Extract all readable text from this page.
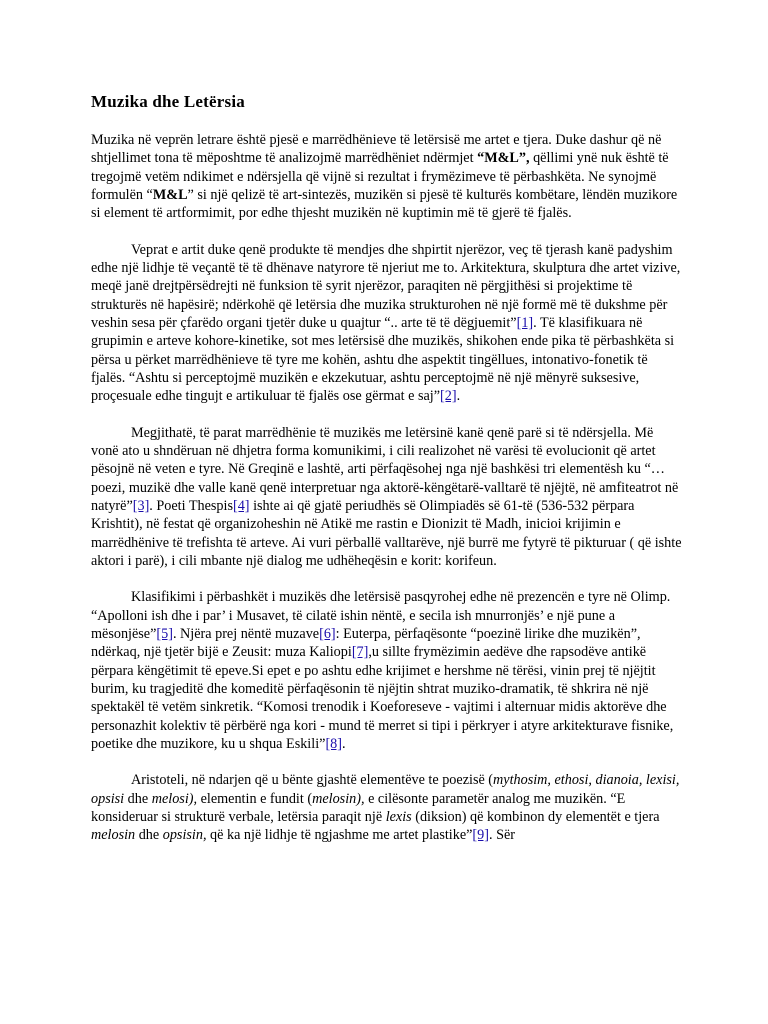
Muzika dhe Letërsia

Muzika në veprën letrare është pjesë e marrëdhënieve të letërsisë me artet e tjera. Duke dashur që në shtjellimet tona të mëposhtme të analizojmë marrëdhëniet ndërmjet “M&L”, qëllimi ynë nuk është të tregojmë vetëm ndikimet e ndërsjella që vijnë si rezultat i frymëzimeve të përbashkëta. Ne synojmë formulën “M&L” si një qelizë të art-sintezës, muzikën si pjesë të kulturës kombëtare, lëndën muzikore si element të artformimit, por edhe thjesht muzikën në kuptimin më të gjerë të fjalës.

Veprat e artit duke qenë produkte të mendjes dhe shpirtit njerëzor, veç të tjerash kanë padyshim edhe një lidhje të veçantë të të dhënave natyrore të njeriut me to. Arkitektura, skulptura dhe artet vizive, meqë janë drejtpërsëdrejti në funksion të syrit njerëzor, paraqiten në përgjithësi si projektime të strukturës në hapësirë; ndërkohë që letërsia dhe muzika strukturohen në një formë më të dukshme për veshin sesa për çfarëdo organi tjetër duke u quajtur “.. arte të të dëgjuemit”[1]. Të klasifikuara në grupimin e arteve kohore-kinetike, sot mes letërsisë dhe muzikës, shikohen ende pika të përbashkëta si përsa u përket marrëdhënieve të tyre me kohën, ashtu dhe aspektit tingëllues, intonativo-fonetik të fjalës. “Ashtu si perceptojmë muzikën e ekzekutuar, ashtu perceptojmë në një mënyrë suksesive, proçesuale edhe tingujt e artikuluar të fjalës ose gërmat e saj”[2].

Megjithatë, të parat marrëdhënie të muzikës me letërsinë kanë qenë parë si të ndërsjella. Më vonë ato u shndëruan në dhjetra forma komunikimi, i cili realizohet në varësi të evolucionit që artet pësojnë në veten e tyre. Në Greqinë e lashtë, arti përfaqësohej nga një bashkësi tri elementësh ku “…poezi, muzikë dhe valle kanë qenë interpretuar nga aktorë-këngëtarë-valltarë të njëjtë, në amfiteatrot në natyrë”[3]. Poeti Thespis[4] ishte ai që gjatë periudhës së Olimpiadës së 61-të (536-532 përpara Krishtit), në festat që organizoheshin në Atikë me rastin e Dionizit të Madh, inicioi krijimin e marrëdhënive të trefishta të arteve. Ai vuri përballë valltarëve, një burrë me fytyrë të pikturuar ( që ishte aktori i parë), i cili mbante një dialog me udhëheqësin e korit: korifeun.

Klasifikimi i përbashkët i muzikës dhe letërsisë pasqyrohej edhe në prezencën e tyre në Olimp. “Apolloni ish dhe i par’ i Musavet, të cilatë ishin nëntë, e secila ish mnurronjës’ e një pune a mësonjëse”[5]. Njëra prej nëntë muzave[6]: Euterpa, përfaqësonte “poezinë lirike dhe muzikën”, ndërkaq, një tjetër bijë e Zeusit: muza Kaliopi[7],u sillte frymëzimin aedëve dhe rapsodëve antikë përpara këngëtimit të epeve.Si epet e po ashtu edhe krijimet e hershme në tërësi, vinin prej të njëjtit burim, ku tragjeditë dhe komeditë përfaqësonin të njëjtin shtrat muziko-dramatik, të shkrira në një spektakël të vetëm sinkretik. “Komosi trenodik i Koeforeseve - vajtimi i alternuar midis aktorëve dhe personazhit kolektiv të përbërë nga kori - mund të merret si tipi i përkryer i atyre arkitekturave fisnike, poetike dhe muzikore, ku u shqua Eskili”[8].

Aristoteli, në ndarjen që u bënte gjashtë elementëve te poezisë (mythosim, ethosi, dianoia, lexisi, opsisi dhe melosi), elementin e fundit (melosin), e cilësonte parametër analog me muzikën. “E konsideruar si strukturë verbale, letërsia paraqit një lexis (diksion) që kombinon dy elementët e tjera melosin dhe opsisin, që ka një lidhje të ngjashme me artet plastike”[9]. Sër
